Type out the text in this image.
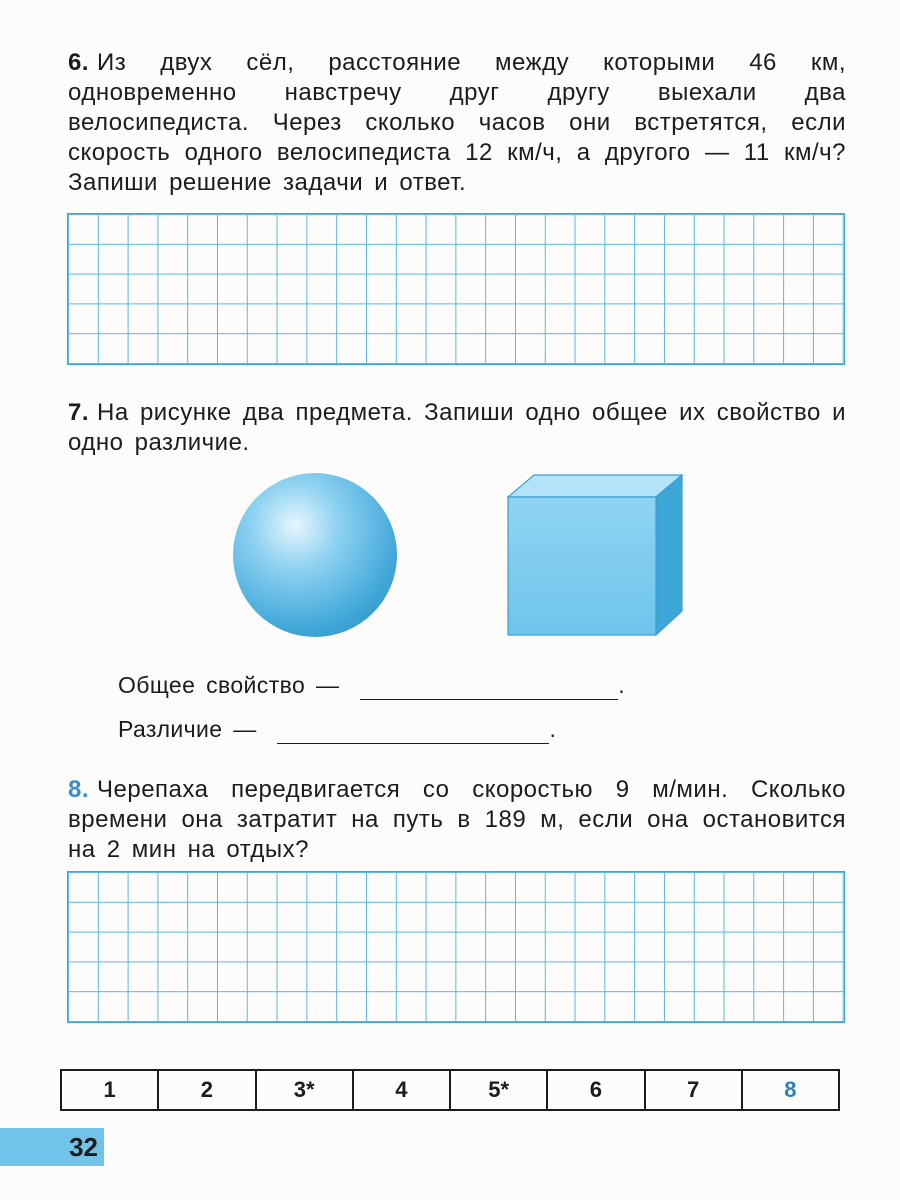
6. Из двух сёл, расстояние между которыми 46 км, одновременно навстречу друг другу выехали два велосипедиста. Через сколько часов они встретятся, если скорость одного велосипедиста 12 км/ч, а другого — 11 км/ч? Запиши решение задачи и ответ.
7. На рисунке два предмета. Запиши одно общее их свойство и одно различие.
Общее свойство —	.
Различие —	.
8. Черепаха передвигается со скоростью 9 м/мин. Сколько времени она затратит на путь в 189 м, если она остановится на 2 мин на отдых?
1	2	3*	4	5*	6	7	8
32
